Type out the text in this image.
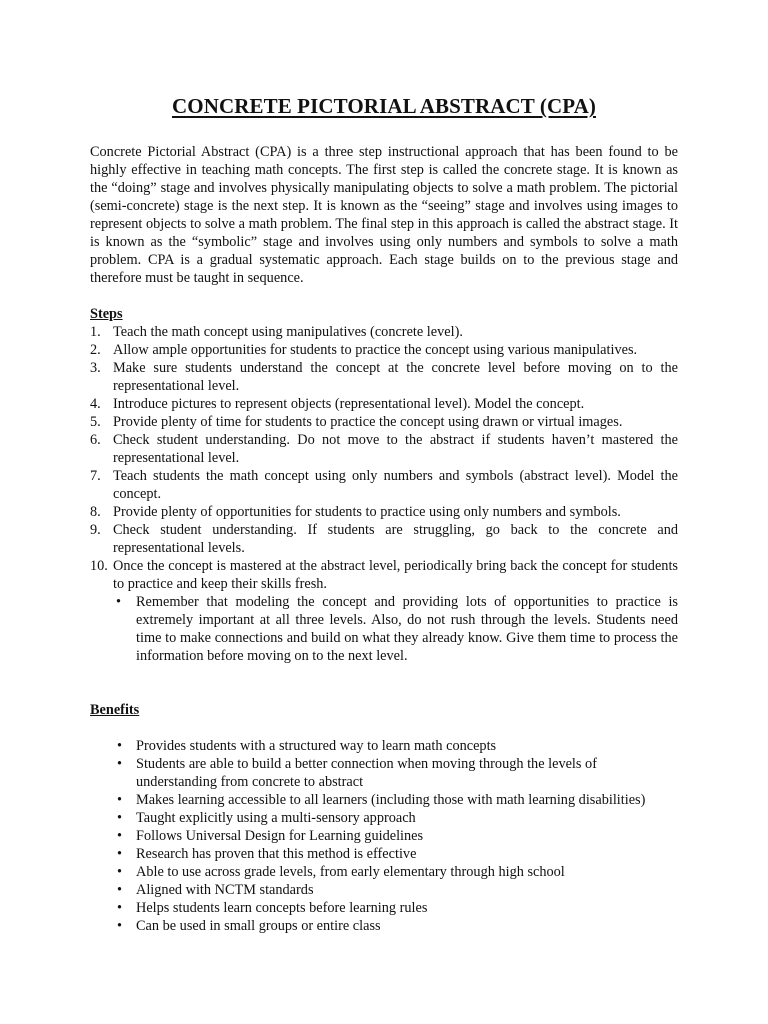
CONCRETE PICTORIAL ABSTRACT (CPA)

Concrete Pictorial Abstract (CPA) is a three step instructional approach that has been found to be highly effective in teaching math concepts. The first step is called the concrete stage. It is known as the “doing” stage and involves physically manipulating objects to solve a math problem. The pictorial (semi-concrete) stage is the next step. It is known as the “seeing” stage and involves using images to represent objects to solve a math problem. The final step in this approach is called the abstract stage. It is known as the “symbolic” stage and involves using only numbers and symbols to solve a math problem. CPA is a gradual systematic approach. Each stage builds on to the previous stage and therefore must be taught in sequence.

Steps
1. Teach the math concept using manipulatives (concrete level).
2. Allow ample opportunities for students to practice the concept using various manipulatives.
3. Make sure students understand the concept at the concrete level before moving on to the representational level.
4. Introduce pictures to represent objects (representational level). Model the concept.
5. Provide plenty of time for students to practice the concept using drawn or virtual images.
6. Check student understanding. Do not move to the abstract if students haven’t mastered the representational level.
7. Teach students the math concept using only numbers and symbols (abstract level). Model the concept.
8. Provide plenty of opportunities for students to practice using only numbers and symbols.
9. Check student understanding. If students are struggling, go back to the concrete and representational levels.
10. Once the concept is mastered at the abstract level, periodically bring back the concept for students to practice and keep their skills fresh.
• Remember that modeling the concept and providing lots of opportunities to practice is extremely important at all three levels. Also, do not rush through the levels. Students need time to make connections and build on what they already know. Give them time to process the information before moving on to the next level.
Benefits
• Provides students with a structured way to learn math concepts
• Students are able to build a better connection when moving through the levels of understanding from concrete to abstract
• Makes learning accessible to all learners (including those with math learning disabilities)
• Taught explicitly using a multi-sensory approach
• Follows Universal Design for Learning guidelines
• Research has proven that this method is effective
• Able to use across grade levels, from early elementary through high school
• Aligned with NCTM standards
• Helps students learn concepts before learning rules
• Can be used in small groups or entire class
